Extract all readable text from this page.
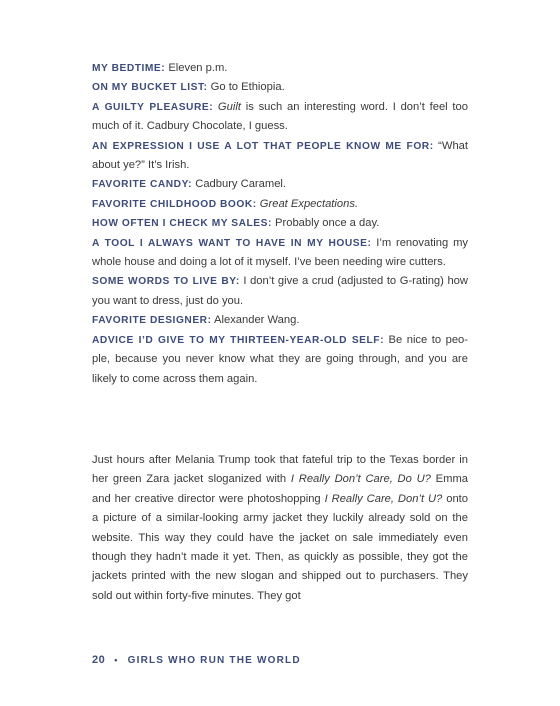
MY BEDTIME: Eleven p.m.

ON MY BUCKET LIST: Go to Ethiopia.

A GUILTY PLEASURE: Guilt is such an interesting word. I don’t feel too much of it. Cadbury Chocolate, I guess.

AN EXPRESSION I USE A LOT THAT PEOPLE KNOW ME FOR: “What about ye?” It’s Irish.

FAVORITE CANDY: Cadbury Caramel.

FAVORITE CHILDHOOD BOOK: Great Expectations.

HOW OFTEN I CHECK MY SALES: Probably once a day.

A TOOL I ALWAYS WANT TO HAVE IN MY HOUSE: I’m renovating my whole house and doing a lot of it myself. I’ve been needing wire cutters.

SOME WORDS TO LIVE BY: I don’t give a crud (adjusted to G-rating) how you want to dress, just do you.

FAVORITE DESIGNER: Alexander Wang.

ADVICE I’D GIVE TO MY THIRTEEN-YEAR-OLD SELF: Be nice to people, because you never know what they are going through, and you are likely to come across them again.

Just hours after Melania Trump took that fateful trip to the Texas border in her green Zara jacket sloganized with I Really Don’t Care, Do U? Emma and her creative director were photoshopping I Really Care, Don’t U? onto a picture of a similar-looking army jacket they luckily already sold on the website. This way they could have the jacket on sale immediately even though they hadn’t made it yet. Then, as quickly as possible, they got the jackets printed with the new slogan and shipped out to purchasers. They sold out within forty-five minutes. They got

20 • GIRLS WHO RUN THE WORLD
